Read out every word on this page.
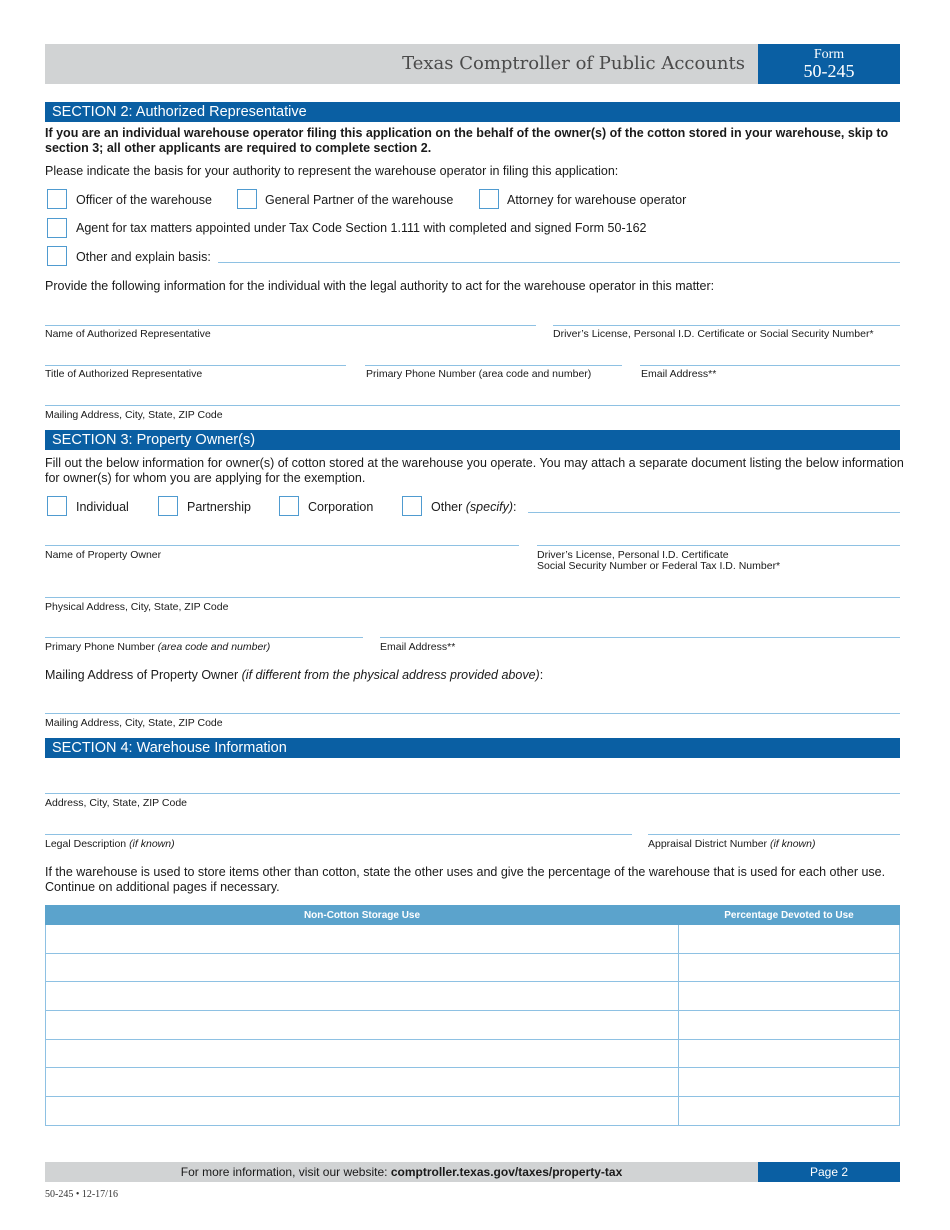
Texas Comptroller of Public Accounts	Form
50-245
SECTION 2: Authorized Representative
If you are an individual warehouse operator filing this application on the behalf of the owner(s) of the cotton stored in your warehouse, skip to section 3; all other applicants are required to complete section 2.
Please indicate the basis for your authority to represent the warehouse operator in filing this application:
Officer of the warehouse	General Partner of the warehouse	Attorney for warehouse operator
Agent for tax matters appointed under Tax Code Section 1.111 with completed and signed Form 50-162
Other and explain basis:
Provide the following information for the individual with the legal authority to act for the warehouse operator in this matter:
Name of Authorized Representative	Driver’s License, Personal I.D. Certificate or Social Security Number*
Title of Authorized Representative	Primary Phone Number (area code and number)	Email Address**
Mailing Address, City, State, ZIP Code
SECTION 3: Property Owner(s)
Fill out the below information for owner(s) of cotton stored at the warehouse you operate. You may attach a separate document listing the below information for owner(s) for whom you are applying for the exemption.
Individual	Partnership	Corporation	Other (specify):
Name of Property Owner	Driver’s License, Personal I.D. Certificate
Social Security Number or Federal Tax I.D. Number*
Physical Address, City, State, ZIP Code
Primary Phone Number (area code and number)	Email Address**
Mailing Address of Property Owner (if different from the physical address provided above):
Mailing Address, City, State, ZIP Code
SECTION 4: Warehouse Information
Address, City, State, ZIP Code
Legal Description (if known)	Appraisal District Number (if known)
If the warehouse is used to store items other than cotton, state the other uses and give the percentage of the warehouse that is used for each other use. Continue on additional pages if necessary.
Non-Cotton Storage Use	Percentage Devoted to Use

For more information, visit our website: comptroller.texas.gov/taxes/property-tax	Page 2
50-245 • 12-17/16
